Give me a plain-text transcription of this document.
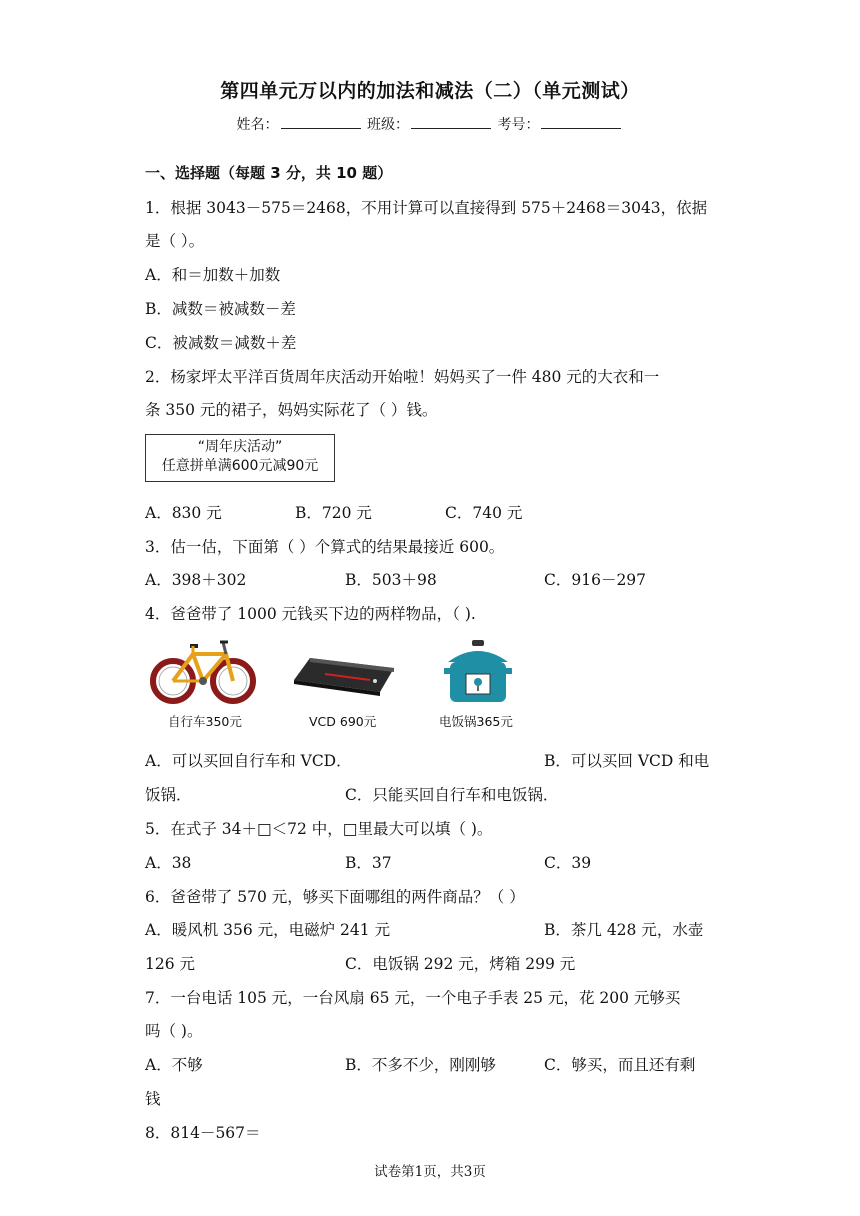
第四单元万以内的加法和减法（二）（单元测试）
姓名：	班级：	考号：
一、选择题（每题 3 分，共 10 题）
1．根据 3043－575＝2468，不用计算可以直接得到 575＋2468＝3043，依据
是（ ）。
A．和＝加数＋加数
B．减数＝被减数－差
C．被减数＝减数＋差
2．杨家坪太平洋百货周年庆活动开始啦！妈妈买了一件 480 元的大衣和一
条 350 元的裙子，妈妈实际花了（ ）钱。
“周年庆活动”
任意拼单满600元减90元
A．830 元	B．720 元	C．740 元
3．估一估，下面第（ ）个算式的结果最接近 600。
A．398＋302	B．503＋98	C．916－297
4．爸爸带了 1000 元钱买下边的两样物品，（ ).
自行车350元	VCD 690元	电饭锅365元
A．可以买回自行车和 VCD．	B．可以买回 VCD 和电
饭锅．	C．只能买回自行车和电饭锅．
5．在式子 34＋□＜72 中，□里最大可以填（ )。
A．38	B．37	C．39
6．爸爸带了 570 元，够买下面哪组的两件商品？（ ）
A．暖风机 356 元，电磁炉 241 元	B．茶几 428 元，水壶
126 元	C．电饭锅 292 元，烤箱 299 元
7．一台电话 105 元，一台风扇 65 元，一个电子手表 25 元，花 200 元够买
吗（ )。
A．不够	B．不多不少，刚刚够	C．够买，而且还有剩
钱
8．814－567＝
试卷第1页，共3页
